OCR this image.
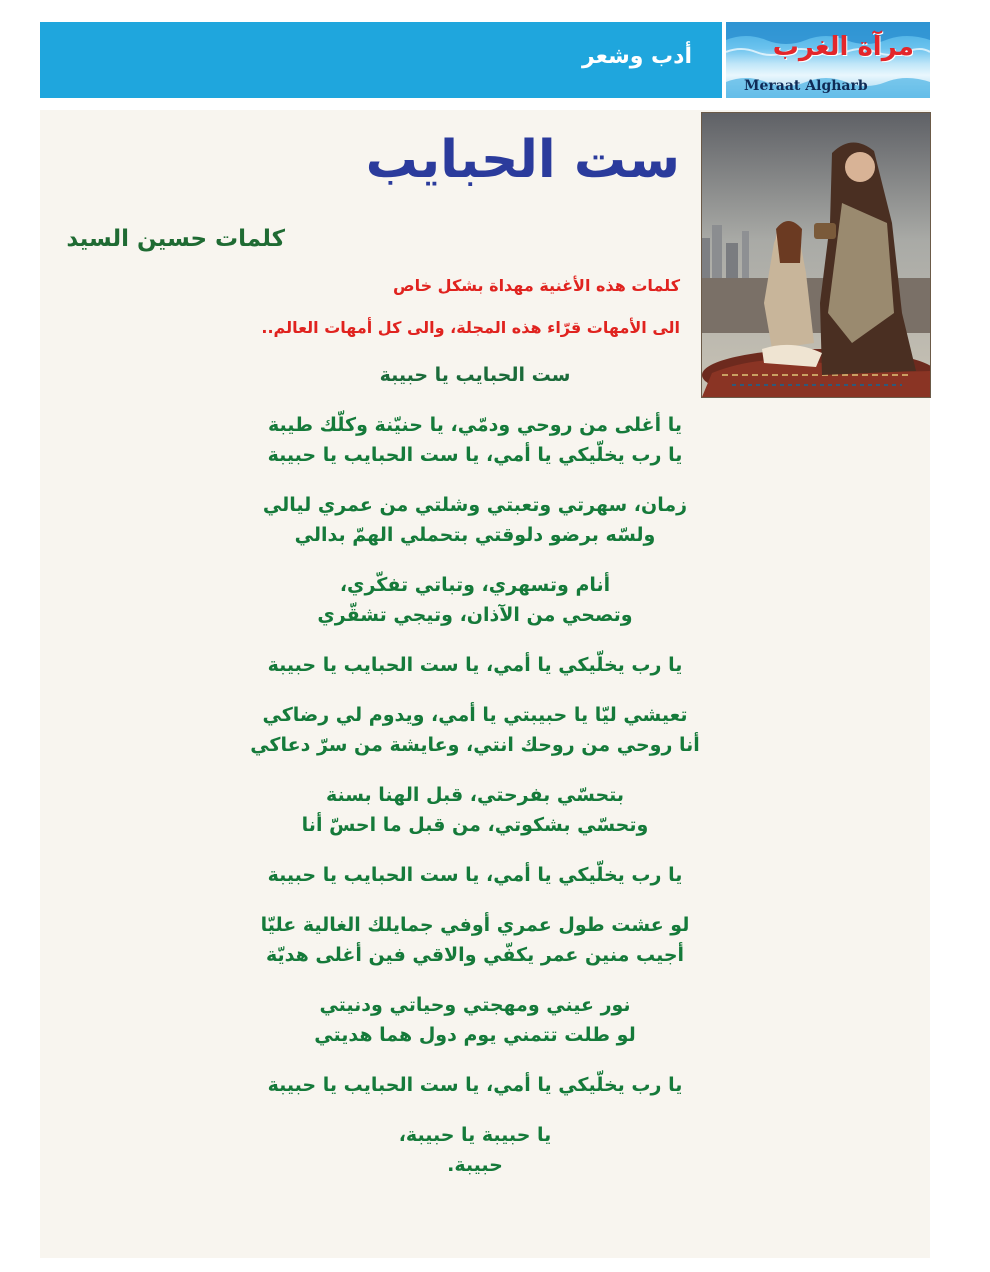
أدب وشعر	مرآة الغرب
Meraat Algharb
ست الحبايب
كلمات حسين السيد
كلمات هذه الأغنية مهداة بشكل خاص
الى الأمهات قرّاء هذه المجلة، والى كل أمهات العالم..
ست الحبايب يا حبيبة
يا أغلى من روحي ودمّي، يا حنيّنة وكلّك طيبة
يا رب يخلّيكي يا أمي، يا ست الحبايب يا حبيبة
زمان، سهرتي وتعبتي وشلتي من عمري ليالي
ولسّه برضو دلوقتي بتحملي الهمّ بدالي
أنام وتسهري، وتباتي تفكّري،
وتصحي من الآذان، وتيجي تشقّري
يا رب يخلّيكي يا أمي، يا ست الحبايب يا حبيبة
تعيشي ليّا يا حبيبتي يا أمي، ويدوم لي رضاكي
أنا روحي من روحك انتي، وعايشة من سرّ دعاكي
بتحسّي بفرحتي، قبل الهنا بسنة
وتحسّي بشكوتي، من قبل ما احسّ أنا
يا رب يخلّيكي يا أمي، يا ست الحبايب يا حبيبة
لو عشت طول عمري أوفي جمايلك الغالية عليّا
أجيب منين عمر يكفّي والاقي فين أغلى هديّة
نور عيني ومهجتي وحياتي ودنيتي
لو طلت تتمني يوم دول هما هديتي
يا رب يخلّيكي يا أمي، يا ست الحبايب يا حبيبة
يا حبيبة يا حبيبة،
حبيبة.
